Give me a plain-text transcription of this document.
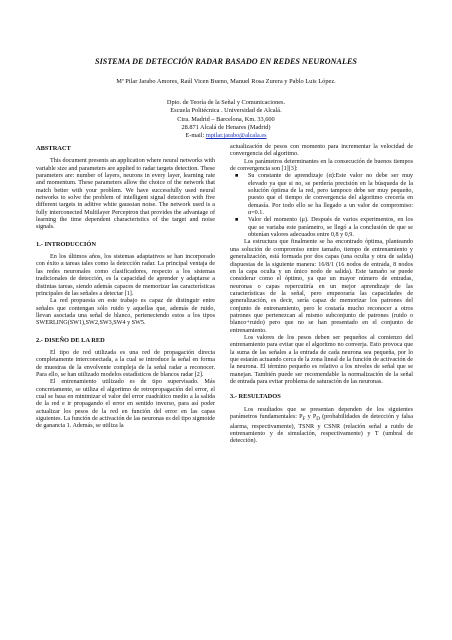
SISTEMA DE DETECCIÓN RADAR BASADO EN REDES NEURONALES
Mª Pilar Jarabo Amores, Raúl Vicen Bueno, Manuel Rosa Zurera y Pablo Luis López.
Dpto. de Teoría de la Señal y Comunicaciones.
Escuela Politécnica . Universidad de Alcalá.
Ctra. Madrid – Barcelona, Km. 33,600
28.871 Alcalá de Henares (Madrid)
E-mail: mpilar.jarabo@alcala.es

ABSTRACT

This document presents an application where neural networks with variable size and parameters are applied to radar targets detection. These parameters are: number of layers, neurons in every layer, learning rate and momentum. These parameters allow the choice of the network that match better with your problem. We have successfully used neural networks to solve the problem of intelligent signal detection with five different targets in aditive white gaussian noise. The network used is a fully interconected Multilayer Perceptron that provides the advantage of learning the time dependent characteristics of the target and noise signals.

1.- INTRODUCCIÓN

En los últimos años, los sistemas adaptativos se han incorporado con éxito a tareas tales como la detección radar. La principal ventaja de las redes neuronales como clasificadores, respecto a los sistemas tradicionales de detección, es la capacidad de aprender y adaptarse a distintas tareas, siendo además capaces de memorizar las características principales de las señales a detectar [1].

La red propuesta en este trabajo es capaz de distinguir entre señales que contengan sólo ruido y aquellas que, además de ruido, llevan asociada una señal de blanco, perteneciendo estos a los tipos SWERLING(SW1),SW2,SW3,SW4 y SW5.

2.- DISEÑO DE LA RED

El tipo de red utilizada es una red de propagación directa completamente interconectada, a la cual se introduce la señal en forma de muestras de la envolvente compleja de la señal radar a reconocer. Para ello, se han utilizado modelos estadísticos de blancos radar [2].

El entrenamiento utilizado es de tipo supervisado. Más concretamente, se utiliza el algoritmo de retropropagación del error, el cual se basa en minimizar el valor del error cuadrático medio a la salida de la red e ir propagando el error en sentido inverso, para así poder actualizar los pesos de la red en función del error en las capas siguientes. La función de activación de las neuronas es del tipo sigmoide de ganancia 1. Además, se utiliza la

actualización de pesos con momento para incrementar la velocidad de convergencia del algoritmo.

Los parámetros determinantes en la consecución de buenos tiempos de convergencia son [1][3]:

■ Su constante de aprendizaje (α):Este valor no debe ser muy elevado ya que si no, se perdería precisión en la búsqueda de la solución óptima de la red, pero tampoco debe ser muy pequeño, puesto que el tiempo de convergencia del algoritmo crecería en demasía. Por todo ello se ha llegado a un valor de compromiso: α=0.1.
■ Valor del momento (μ). Después de varios experimentos, en los que se variaba este parámetro, se llegó a la conclusión de que se obtenían valores adecuados entre 0,8 y 0,9.

La estructura que finalmente se ha encontrado óptima, planteando una solución de compromiso entre tamaño, tiempo de entrenamiento y generalización, está formada por dos capas (una oculta y otra de salida) dispuestas de la siguiente manera: 16/8/1 (16 nodos de entrada, 8 nodos en la capa oculta y un único nodo de salida). Este tamaño se puede considerar como el óptimo, ya que un mayor número de entradas, neuronas o capas repercutiría en un mejor aprendizaje de las características de la señal, pero empeoraría las capacidades de generalización, es decir, sería capaz de memorizar los patrones del conjunto de entrenamiento, pero le costaría mucho reconocer a otros patrones que pertenezcan al mismo subconjunto de patrones (ruido o blanco+ruido) pero que no se han presentado en el conjunto de entrenamiento.

Los valores de los pesos deben ser pequeños al comienzo del entrenamiento para evitar que el algoritmo no converja. Esto provoca que la suma de las señales a la entrada de cada neurona sea pequeña, por lo que estarán actuando cerca de la zona lineal de la función de activación de la neurona. El término pequeño es relativo a los niveles de señal que se manejan. También puede ser recomendable la normalización de la señal de entrada para evitar problema de saturación de las neuronas.

3.- RESULTADOS

Los resultados que se presentan dependen de los siguientes parámetros fundamentales: $P_F$ y $P_D$ (probabilidades de detección y falsa alarma, respectivamente), TSNR y CSNR (relación señal a ruido de entrenamiento y de simulación, respectivamente) y T (umbral de detección).
